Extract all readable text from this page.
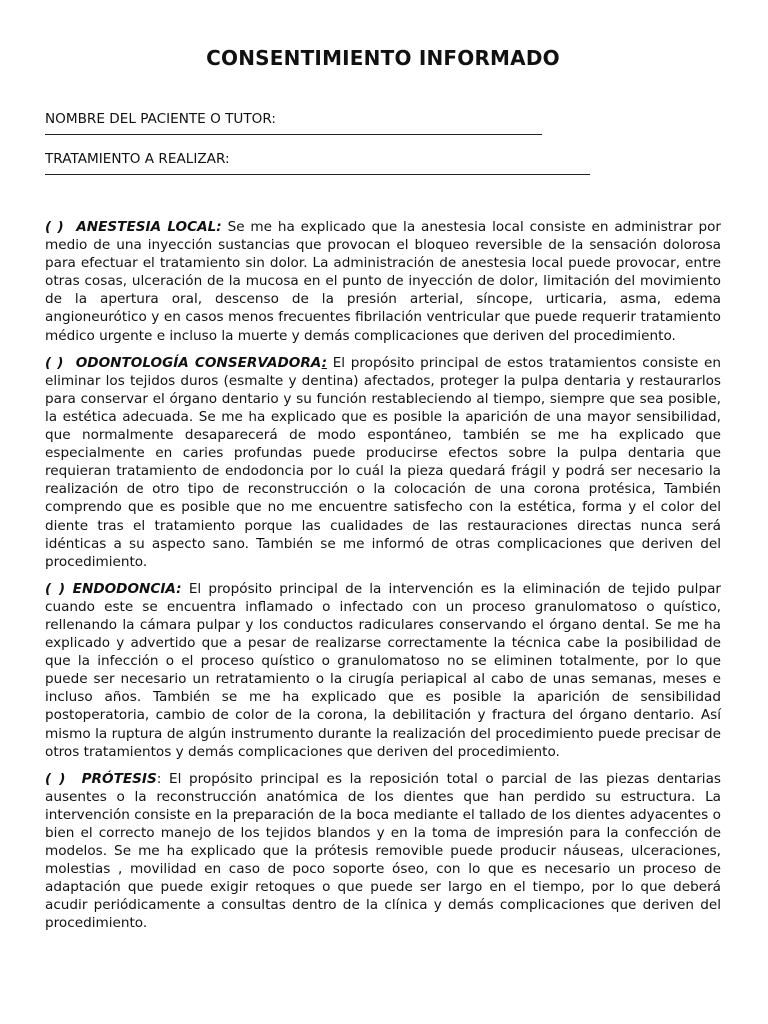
CONSENTIMIENTO INFORMADO
NOMBRE DEL PACIENTE O TUTOR:
TRATAMIENTO A REALIZAR:

( ) ANESTESIA LOCAL: Se me ha explicado que la anestesia local consiste en administrar por medio de una inyección sustancias que provocan el bloqueo reversible de la sensación dolorosa para efectuar el tratamiento sin dolor. La administración de anestesia local puede provocar, entre otras cosas, ulceración de la mucosa en el punto de inyección de dolor, limitación del movimiento de la apertura oral, descenso de la presión arterial, síncope, urticaria, asma, edema angioneurótico y en casos menos frecuentes fibrilación ventricular que puede requerir tratamiento médico urgente e incluso la muerte y demás complicaciones que deriven del procedimiento.

( ) ODONTOLOGÍA CONSERVADORA: El propósito principal de estos tratamientos consiste en eliminar los tejidos duros (esmalte y dentina) afectados, proteger la pulpa dentaria y restaurarlos para conservar el órgano dentario y su función restableciendo al tiempo, siempre que sea posible, la estética adecuada. Se me ha explicado que es posible la aparición de una mayor sensibilidad, que normalmente desaparecerá de modo espontáneo, también se me ha explicado que especialmente en caries profundas puede producirse efectos sobre la pulpa dentaria que requieran tratamiento de endodoncia por lo cuál la pieza quedará frágil y podrá ser necesario la realización de otro tipo de reconstrucción o la colocación de una corona protésica, También comprendo que es posible que no me encuentre satisfecho con la estética, forma y el color del diente tras el tratamiento porque las cualidades de las restauraciones directas nunca será idénticas a su aspecto sano. También se me informó de otras complicaciones que deriven del procedimiento.

( ) ENDODONCIA: El propósito principal de la intervención es la eliminación de tejido pulpar cuando este se encuentra inflamado o infectado con un proceso granulomatoso o quístico, rellenando la cámara pulpar y los conductos radiculares conservando el órgano dental. Se me ha explicado y advertido que a pesar de realizarse correctamente la técnica cabe la posibilidad de que la infección o el proceso quístico o granulomatoso no se eliminen totalmente, por lo que puede ser necesario un retratamiento o la cirugía periapical al cabo de unas semanas, meses e incluso años. También se me ha explicado que es posible la aparición de sensibilidad postoperatoria, cambio de color de la corona, la debilitación y fractura del órgano dentario. Así mismo la ruptura de algún instrumento durante la realización del procedimiento puede precisar de otros tratamientos y demás complicaciones que deriven del procedimiento.

( ) PRÓTESIS: El propósito principal es la reposición total o parcial de las piezas dentarias ausentes o la reconstrucción anatómica de los dientes que han perdido su estructura. La intervención consiste en la preparación de la boca mediante el tallado de los dientes adyacentes o bien el correcto manejo de los tejidos blandos y en la toma de impresión para la confección de modelos. Se me ha explicado que la prótesis removible puede producir náuseas, ulceraciones, molestias , movilidad en caso de poco soporte óseo, con lo que es necesario un proceso de adaptación que puede exigir retoques o que puede ser largo en el tiempo, por lo que deberá acudir periódicamente a consultas dentro de la clínica y demás complicaciones que deriven del procedimiento.
